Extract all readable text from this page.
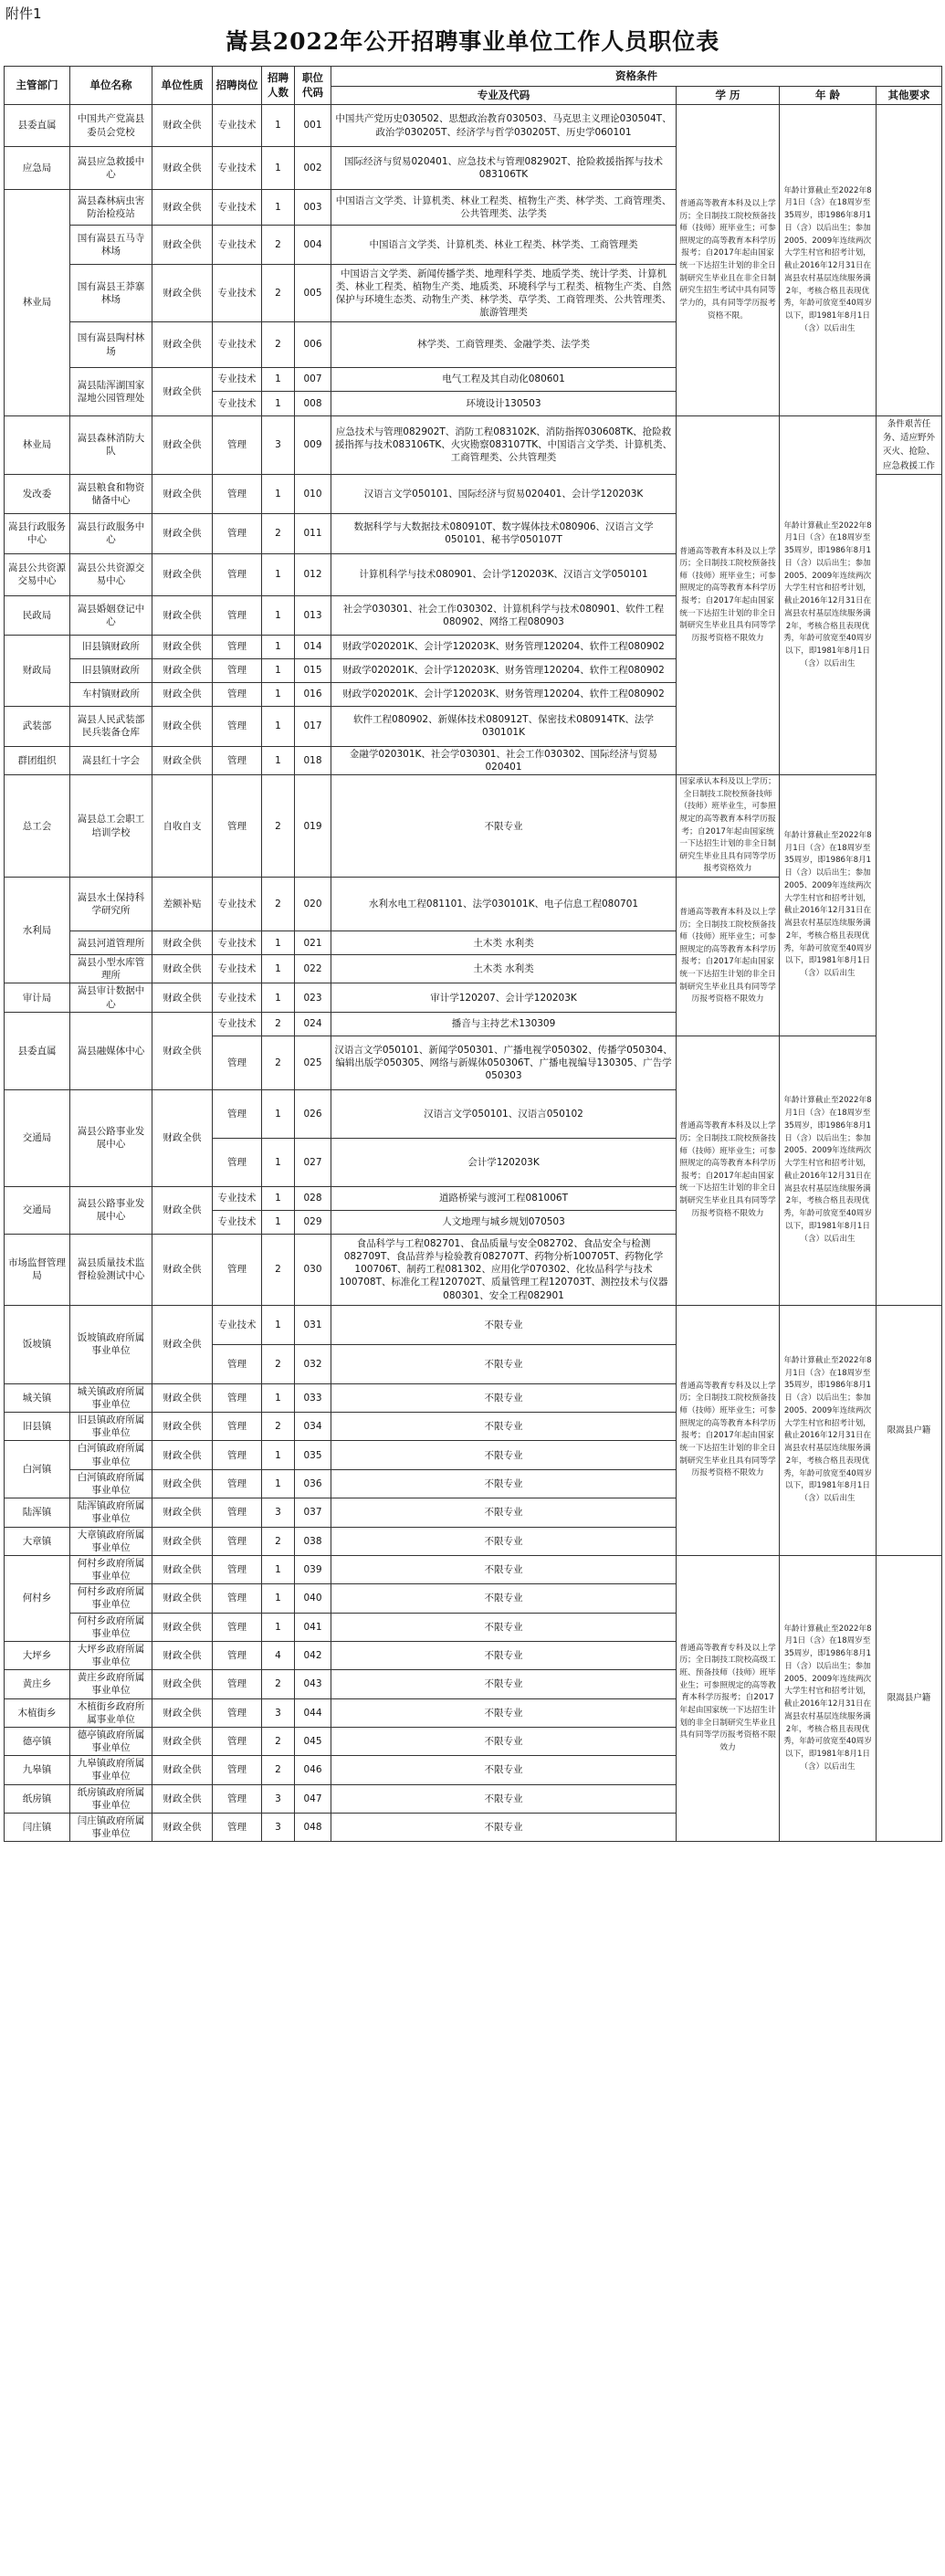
附件1
嵩县2022年公开招聘事业单位工作人员职位表
主管部门	单位名称	单位性质	招聘岗位	招聘人数	职位代码	资格条件			
						专业及代码	学 历	年 龄	其他要求
县委直属	中国共产党嵩县委员会党校	财政全供	专业技术	1	001	中国共产党历史030502、思想政治教育030503、马克思主义理论030504T、政治学030205T、经济学与哲学030205T、历史学060101	普通高等教育本科及以上学历；全日制技工院校预备技师（技师）班毕业生；可参照规定的高等教育本科学历报考；自2017年起由国家统一下达招生计划的非全日制研究生毕业且在非全日制研究生招生考试中具有同等学力的，具有同等学历报考资格不限。	年龄计算截止至2022年8月1日（含）在18周岁至35周岁，即1986年8月1日（含）以后出生；参加2005、2009年连续两次大学生村官和招考计划，截止2016年12月31日在嵩县农村基层连续服务满2年，考核合格且表现优秀，年龄可放宽至40周岁以下，即1981年8月1日（含）以后出生	
应急局	嵩县应急救援中心	财政全供	专业技术	1	002	国际经济与贸易020401、应急技术与管理082902T、抢险救援指挥与技术083106TK			
林业局	嵩县森林病虫害防治检疫站	财政全供	专业技术	1	003	中国语言文学类、计算机类、林业工程类、植物生产类、林学类、工商管理类、公共管理类、法学类			
	国有嵩县五马寺林场	财政全供	专业技术	2	004	中国语言文学类、计算机类、林业工程类、林学类、工商管理类			
	国有嵩县王莽寨林场	财政全供	专业技术	2	005	中国语言文学类、新闻传播学类、地理科学类、地质学类、统计学类、计算机类、林业工程类、植物生产类、地质类、环境科学与工程类、植物生产类、自然保护与环境生态类、动物生产类、林学类、草学类、工商管理类、公共管理类、旅游管理类			
	国有嵩县陶村林场	财政全供	专业技术	2	006	林学类、工商管理类、金融学类、法学类			
	嵩县陆浑湖国家湿地公园管理处	财政全供	专业技术	1	007	电气工程及其自动化080601			
			专业技术	1	008	环境设计130503			
林业局	嵩县森林消防大队	财政全供	管理	3	009	应急技术与管理082902T、消防工程083102K、消防指挥030608TK、抢险救援指挥与技术083106TK、火灾勘察083107TK、中国语言文学类、计算机类、工商管理类、公共管理类	普通高等教育本科及以上学历；全日制技工院校预备技师（技师）班毕业生；可参照规定的高等教育本科学历报考；自2017年起由国家统一下达招生计划的非全日制研究生毕业且具有同等学历报考资格不限效力	年龄计算截止至2022年8月1日（含）在18周岁至35周岁，即1986年8月1日（含）以后出生；参加2005、2009年连续两次大学生村官和招考计划，截止2016年12月31日在嵩县农村基层连续服务满2年，考核合格且表现优秀，年龄可放宽至40周岁以下，即1981年8月1日（含）以后出生	条件艰苦任务、适应野外灭火、抢险、应急救援工作
发改委	嵩县粮食和物资储备中心	财政全供	管理	1	010	汉语言文学050101、国际经济与贸易020401、会计学120203K			
嵩县行政服务中心	嵩县行政服务中心	财政全供	管理	2	011	数据科学与大数据技术080910T、数字媒体技术080906、汉语言文学050101、秘书学050107T			
嵩县公共资源交易中心	嵩县公共资源交易中心	财政全供	管理	1	012	计算机科学与技术080901、会计学120203K、汉语言文学050101			
民政局	嵩县婚姻登记中心	财政全供	管理	1	013	社会学030301、社会工作030302、计算机科学与技术080901、软件工程080902、网络工程080903			
财政局	旧县镇财政所	财政全供	管理	1	014	财政学020201K、会计学120203K、财务管理120204、软件工程080902			
	旧县镇财政所	财政全供	管理	1	015	财政学020201K、会计学120203K、财务管理120204、软件工程080902			
	车村镇财政所	财政全供	管理	1	016	财政学020201K、会计学120203K、财务管理120204、软件工程080902			
武装部	嵩县人民武装部民兵装备仓库	财政全供	管理	1	017	软件工程080902、新媒体技术080912T、保密技术080914TK、法学030101K			
群团组织	嵩县红十字会	财政全供	管理	1	018	金融学020301K、社会学030301、社会工作030302、国际经济与贸易020401			
总工会	嵩县总工会职工培训学校	自收自支	管理	2	019	不限专业	国家承认本科及以上学历；全日制技工院校预备技师（技师）班毕业生，可参照规定的高等教育本科学历报考；自2017年起由国家统一下达招生计划的非全日制研究生毕业且具有同等学历报考资格效力	年龄计算截止至2022年8月1日（含）在18周岁至35周岁，即1986年8月1日（含）以后出生；参加2005、2009年连续两次大学生村官和招考计划，截止2016年12月31日在嵩县农村基层连续服务满2年，考核合格且表现优秀，年龄可放宽至40周岁以下，即1981年8月1日（含）以后出生	
水利局	嵩县水土保持科学研究所	差额补贴	专业技术	2	020	水利水电工程081101、法学030101K、电子信息工程080701	普通高等教育本科及以上学历；全日制技工院校预备技师（技师）班毕业生；可参照规定的高等教育本科学历报考；自2017年起由国家统一下达招生计划的非全日制研究生毕业且具有同等学历报考资格不限效力		
	嵩县河道管理所	财政全供	专业技术	1	021	土木类 水利类			
	嵩县小型水库管理所	财政全供	专业技术	1	022	土木类 水利类			
审计局	嵩县审计数据中心	财政全供	专业技术	1	023	审计学120207、会计学120203K			
县委直属	嵩县融媒体中心	财政全供	专业技术	2	024	播音与主持艺术130309			
			管理	2	025	汉语言文学050101、新闻学050301、广播电视学050302、传播学050304、编辑出版学050305、网络与新媒体050306T、广播电视编导130305、广告学050303	普通高等教育本科及以上学历；全日制技工院校预备技师（技师）班毕业生；可参照规定的高等教育本科学历报考；自2017年起由国家统一下达招生计划的非全日制研究生毕业且具有同等学历报考资格不限效力	年龄计算截止至2022年8月1日（含）在18周岁至35周岁，即1986年8月1日（含）以后出生；参加2005、2009年连续两次大学生村官和招考计划，截止2016年12月31日在嵩县农村基层连续服务满2年，考核合格且表现优秀，年龄可放宽至40周岁以下，即1981年8月1日（含）以后出生	
交通局	嵩县公路事业发展中心	财政全供	管理	1	026	汉语言文学050101、汉语言050102			
			管理	1	027	会计学120203K			
交通局	嵩县公路事业发展中心	财政全供	专业技术	1	028	道路桥梁与渡河工程081006T			
			专业技术	1	029	人文地理与城乡规划070503			
市场监督管理局	嵩县质量技术监督检验测试中心	财政全供	管理	2	030	食品科学与工程082701、食品质量与安全082702、食品安全与检测082709T、食品营养与检验教育082707T、药物分析100705T、药物化学100706T、制药工程081302、应用化学070302、化妆品科学与技术100708T、标准化工程120702T、质量管理工程120703T、测控技术与仪器080301、安全工程082901			
饭坡镇	饭坡镇政府所属事业单位	财政全供	专业技术	1	031	不限专业	普通高等教育专科及以上学历；全日制技工院校预备技师（技师）班毕业生；可参照规定的高等教育本科学历报考；自2017年起由国家统一下达招生计划的非全日制研究生毕业且具有同等学历报考资格不限效力	年龄计算截止至2022年8月1日（含）在18周岁至35周岁，即1986年8月1日（含）以后出生；参加2005、2009年连续两次大学生村官和招考计划，截止2016年12月31日在嵩县农村基层连续服务满2年，考核合格且表现优秀，年龄可放宽至40周岁以下，即1981年8月1日（含）以后出生	限嵩县户籍
			管理	2	032	不限专业			
城关镇	城关镇政府所属事业单位	财政全供	管理	1	033	不限专业			
旧县镇	旧县镇政府所属事业单位	财政全供	管理	2	034	不限专业			
白河镇	白河镇政府所属事业单位	财政全供	管理	1	035	不限专业			
	白河镇政府所属事业单位	财政全供	管理	1	036	不限专业			
陆浑镇	陆浑镇政府所属事业单位	财政全供	管理	3	037	不限专业			
大章镇	大章镇政府所属事业单位	财政全供	管理	2	038	不限专业			
何村乡	何村乡政府所属事业单位	财政全供	管理	1	039	不限专业	普通高等教育专科及以上学历；全日制技工院校高级工班、预备技师（技师）班毕业生；可参照规定的高等教育本科学历报考；自2017年起由国家统一下达招生计划的非全日制研究生毕业且具有同等学历报考资格不限效力	年龄计算截止至2022年8月1日（含）在18周岁至35周岁，即1986年8月1日（含）以后出生；参加2005、2009年连续两次大学生村官和招考计划，截止2016年12月31日在嵩县农村基层连续服务满2年，考核合格且表现优秀，年龄可放宽至40周岁以下，即1981年8月1日（含）以后出生	限嵩县户籍
	何村乡政府所属事业单位	财政全供	管理	1	040	不限专业			
	何村乡政府所属事业单位	财政全供	管理	1	041	不限专业			
大坪乡	大坪乡政府所属事业单位	财政全供	管理	4	042	不限专业			
黄庄乡	黄庄乡政府所属事业单位	财政全供	管理	2	043	不限专业			
木植街乡	木植街乡政府所属事业单位	财政全供	管理	3	044	不限专业			
德亭镇	德亭镇政府所属事业单位	财政全供	管理	2	045	不限专业			
九皋镇	九皋镇政府所属事业单位	财政全供	管理	2	046	不限专业			
纸房镇	纸房镇政府所属事业单位	财政全供	管理	3	047	不限专业			
闫庄镇	闫庄镇政府所属事业单位	财政全供	管理	3	048	不限专业			
